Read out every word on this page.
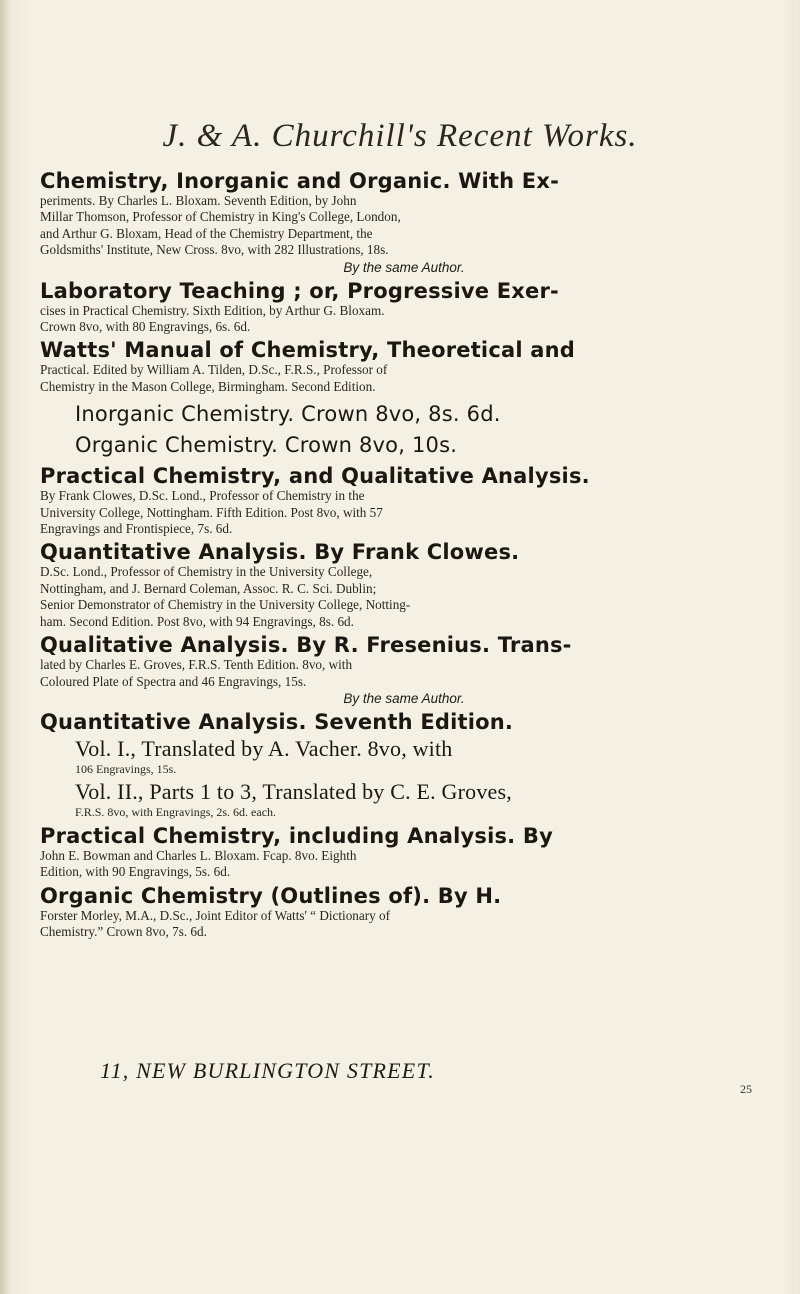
J. & A. Churchill's Recent Works.
Chemistry, Inorganic and Organic. With Ex-
periments. By Charles L. Bloxam. Seventh Edition, by John
Millar Thomson, Professor of Chemistry in King's College, London,
and Arthur G. Bloxam, Head of the Chemistry Department, the
Goldsmiths' Institute, New Cross. 8vo, with 282 Illustrations, 18s.
By the same Author.
Laboratory Teaching ; or, Progressive Exer-
cises in Practical Chemistry. Sixth Edition, by Arthur G. Bloxam.
Crown 8vo, with 80 Engravings, 6s. 6d.
Watts' Manual of Chemistry, Theoretical and
Practical. Edited by William A. Tilden, D.Sc., F.R.S., Professor of
Chemistry in the Mason College, Birmingham. Second Edition.
Inorganic Chemistry. Crown 8vo, 8s. 6d.
Organic Chemistry. Crown 8vo, 10s.
Practical Chemistry, and Qualitative Analysis.
By Frank Clowes, D.Sc. Lond., Professor of Chemistry in the
University College, Nottingham. Fifth Edition. Post 8vo, with 57
Engravings and Frontispiece, 7s. 6d.
Quantitative Analysis. By Frank Clowes.
D.Sc. Lond., Professor of Chemistry in the University College,
Nottingham, and J. Bernard Coleman, Assoc. R. C. Sci. Dublin;
Senior Demonstrator of Chemistry in the University College, Notting-
ham. Second Edition. Post 8vo, with 94 Engravings, 8s. 6d.
Qualitative Analysis. By R. Fresenius. Trans-
lated by Charles E. Groves, F.R.S. Tenth Edition. 8vo, with
Coloured Plate of Spectra and 46 Engravings, 15s.
By the same Author.
Quantitative Analysis. Seventh Edition.
Vol. I., Translated by A. Vacher. 8vo, with
106 Engravings, 15s.
Vol. II., Parts 1 to 3, Translated by C. E. Groves,
F.R.S. 8vo, with Engravings, 2s. 6d. each.
Practical Chemistry, including Analysis. By
John E. Bowman and Charles L. Bloxam. Fcap. 8vo. Eighth
Edition, with 90 Engravings, 5s. 6d.
Organic Chemistry (Outlines of). By H.
Forster Morley, M.A., D.Sc., Joint Editor of Watts' “ Dictionary of
Chemistry.” Crown 8vo, 7s. 6d.
11, NEW BURLINGTON STREET.
25
